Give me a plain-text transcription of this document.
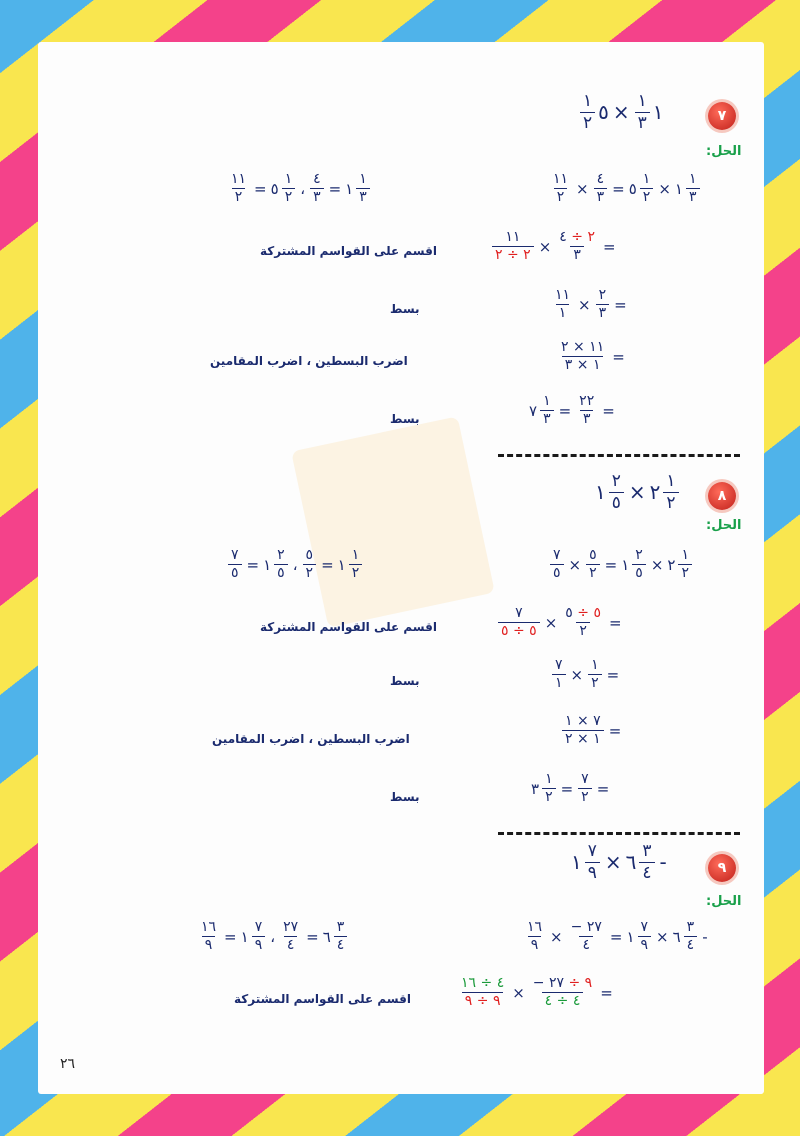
٧
١
$\frac{١}{٣}$
×
٥
$\frac{١}{٢}$
الحل:
$\frac{١}{٣}$
١
×
$\frac{١}{٢}$
٥
=
$\frac{٤}{٣}$
×
$\frac{١١}{٢}$
$\frac{١}{٣}$
١
=
$\frac{٤}{٣}$
،
$\frac{١}{٢}$
٥
=
$\frac{١١}{٢}$
=
$\frac{٢ \div ٤}{٣}$
×
$\frac{١١}{٢ \div ٢}$
اقسم على القواسم المشتركة
=
$\frac{٢}{٣}$
×
$\frac{١١}{١}$
بسط
=
$\frac{١١ \times ٢}{١ \times ٣}$
اضرب البسطين ، اضرب المقامين
=
$\frac{٢٢}{٣}$
=
$\frac{١}{٣}$
٧
بسط
٨
$\frac{١}{٢}$
٢
×
$\frac{٢}{٥}$
١
الحل:
$\frac{١}{٢}$
٢
×
$\frac{٢}{٥}$
١
=
$\frac{٥}{٢}$
×
$\frac{٧}{٥}$
$\frac{١}{٢}$
١
=
$\frac{٥}{٢}$
،
$\frac{٢}{٥}$
١
=
$\frac{٧}{٥}$
=
$\frac{٥ \div ٥}{٢}$
×
$\frac{٧}{٥ \div ٥}$
اقسم على القواسم المشتركة
=
$\frac{١}{٢}$
×
$\frac{٧}{١}$
بسط
=
$\frac{٧ \times ١}{١ \times ٢}$
اضرب البسطين ، اضرب المقامين
=
$\frac{٧}{٢}$
=
$\frac{١}{٢}$
٣
بسط
٩
-
$\frac{٣}{٤}$
٦
×
$\frac{٧}{٩}$
١
الحل:
-
$\frac{٣}{٤}$
٦
×
$\frac{٧}{٩}$
١
=
$\frac{٢٧ -}{٤}$
×
$\frac{١٦}{٩}$
$\frac{٣}{٤}$
٦
=
$\frac{٢٧}{٤}$
،
$\frac{٧}{٩}$
١
=
$\frac{١٦}{٩}$
=
$\frac{٩ \div ٢٧ -}{٤ \div ٤}$
×
$\frac{٤ \div ١٦}{٩ \div ٩}$
اقسم على القواسم المشتركة
٢٦
